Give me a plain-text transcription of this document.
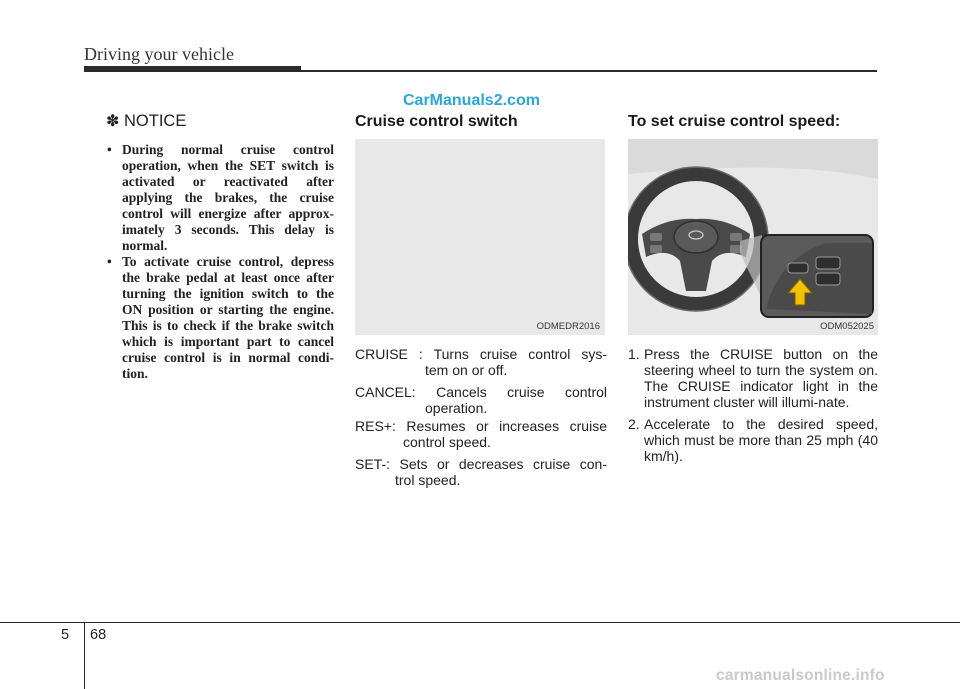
Driving your vehicle
CarManuals2.com
✽ NOTICE
• During normal cruise control operation, when the SET switch is activated or reactivated after applying the brakes, the cruise control will energize after approx-imately 3 seconds. This delay is normal.
• To activate cruise control, depress the brake pedal at least once after turning the ignition switch to the ON position or starting the engine. This is to check if the brake switch which is important part to cancel cruise control is in normal condi-tion.
Cruise control switch
ODMEDR2016
CRUISE : Turns cruise control sys-
tem on or off.
CANCEL: Cancels cruise control
operation.
RES+: Resumes or increases cruise
control speed.
SET-: Sets or decreases cruise con-
trol speed.
To set cruise control speed:
ODM052025
1. Press the CRUISE button on the steering wheel to turn the system on. The CRUISE indicator light in the instrument cluster will illumi-nate.
2. Accelerate to the desired speed, which must be more than 25 mph (40 km/h).
5 68
carmanualsonline.info
